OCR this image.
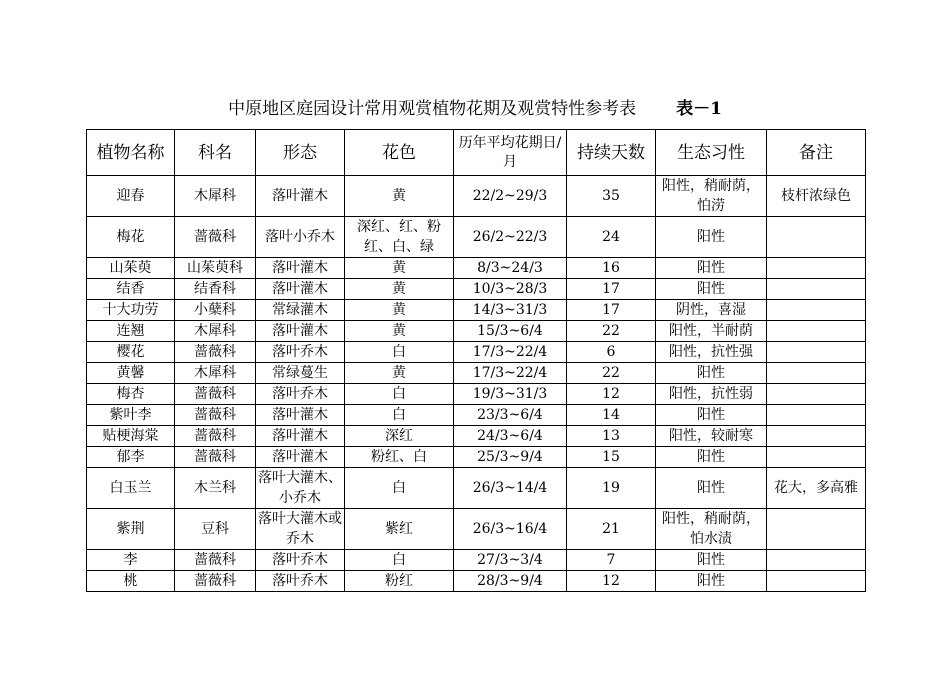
中原地区庭园设计常用观赏植物花期及观赏特性参考表 表－1
植物名称	科名	形态	花色	历年平均花期日/月	持续天数	生态习性	备注
迎春	木犀科	落叶灌木	黄	22/2~29/3	35	阳性，稍耐荫，怕涝	枝杆浓绿色
梅花	蔷薇科	落叶小乔木	深红、红、粉红、白、绿	26/2~22/3	24	阳性	
山茱萸	山茱萸科	落叶灌木	黄	8/3~24/3	16	阳性	
结香	结香科	落叶灌木	黄	10/3~28/3	17	阳性	
十大功劳	小蘖科	常绿灌木	黄	14/3~31/3	17	阴性，喜湿	
连翘	木犀科	落叶灌木	黄	15/3~6/4	22	阳性，半耐荫	
樱花	蔷薇科	落叶乔木	白	17/3~22/4	6	阳性，抗性强	
黄馨	木犀科	常绿蔓生	黄	17/3~22/4	22	阳性	
梅杏	蔷薇科	落叶乔木	白	19/3~31/3	12	阳性，抗性弱	
紫叶李	蔷薇科	落叶灌木	白	23/3~6/4	14	阳性	
贴梗海棠	蔷薇科	落叶灌木	深红	24/3~6/4	13	阳性，较耐寒	
郁李	蔷薇科	落叶灌木	粉红、白	25/3~9/4	15	阳性	
白玉兰	木兰科	落叶大灌木、小乔木	白	26/3~14/4	19	阳性	花大，多高雅
紫荆	豆科	落叶大灌木或乔木	紫红	26/3~16/4	21	阳性，稍耐荫，怕水渍	
李	蔷薇科	落叶乔木	白	27/3~3/4	7	阳性	
桃	蔷薇科	落叶乔木	粉红	28/3~9/4	12	阳性	
